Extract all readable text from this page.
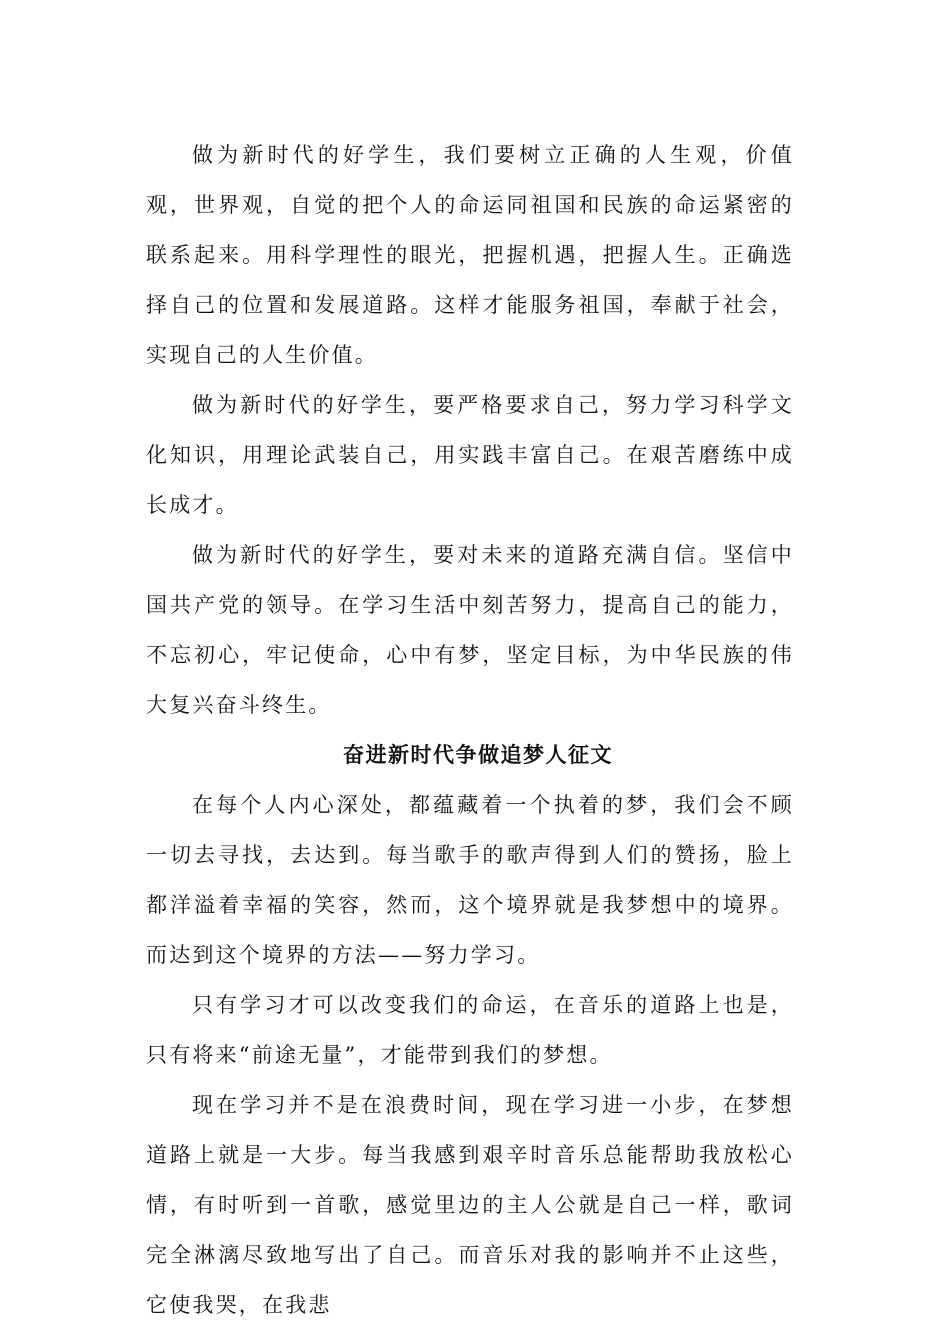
做为新时代的好学生，我们要树立正确的人生观，价值观，世界观，自觉的把个人的命运同祖国和民族的命运紧密的联系起来。用科学理性的眼光，把握机遇，把握人生。正确选择自己的位置和发展道路。这样才能服务祖国，奉献于社会，实现自己的人生价值。

做为新时代的好学生，要严格要求自己，努力学习科学文化知识，用理论武装自己，用实践丰富自己。在艰苦磨练中成长成才。

做为新时代的好学生，要对未来的道路充满自信。坚信中国共产党的领导。在学习生活中刻苦努力，提高自己的能力，不忘初心，牢记使命，心中有梦，坚定目标，为中华民族的伟大复兴奋斗终生。

奋进新时代争做追梦人征文

在每个人内心深处，都蕴藏着一个执着的梦，我们会不顾一切去寻找，去达到。每当歌手的歌声得到人们的赞扬，脸上都洋溢着幸福的笑容，然而，这个境界就是我梦想中的境界。而达到这个境界的方法——努力学习。

只有学习才可以改变我们的命运，在音乐的道路上也是，只有将来“前途无量”，才能带到我们的梦想。

现在学习并不是在浪费时间，现在学习进一小步，在梦想道路上就是一大步。每当我感到艰辛时音乐总能帮助我放松心情，有时听到一首歌，感觉里边的主人公就是自己一样，歌词完全淋漓尽致地写出了自己。而音乐对我的影响并不止这些，它使我哭，在我悲
